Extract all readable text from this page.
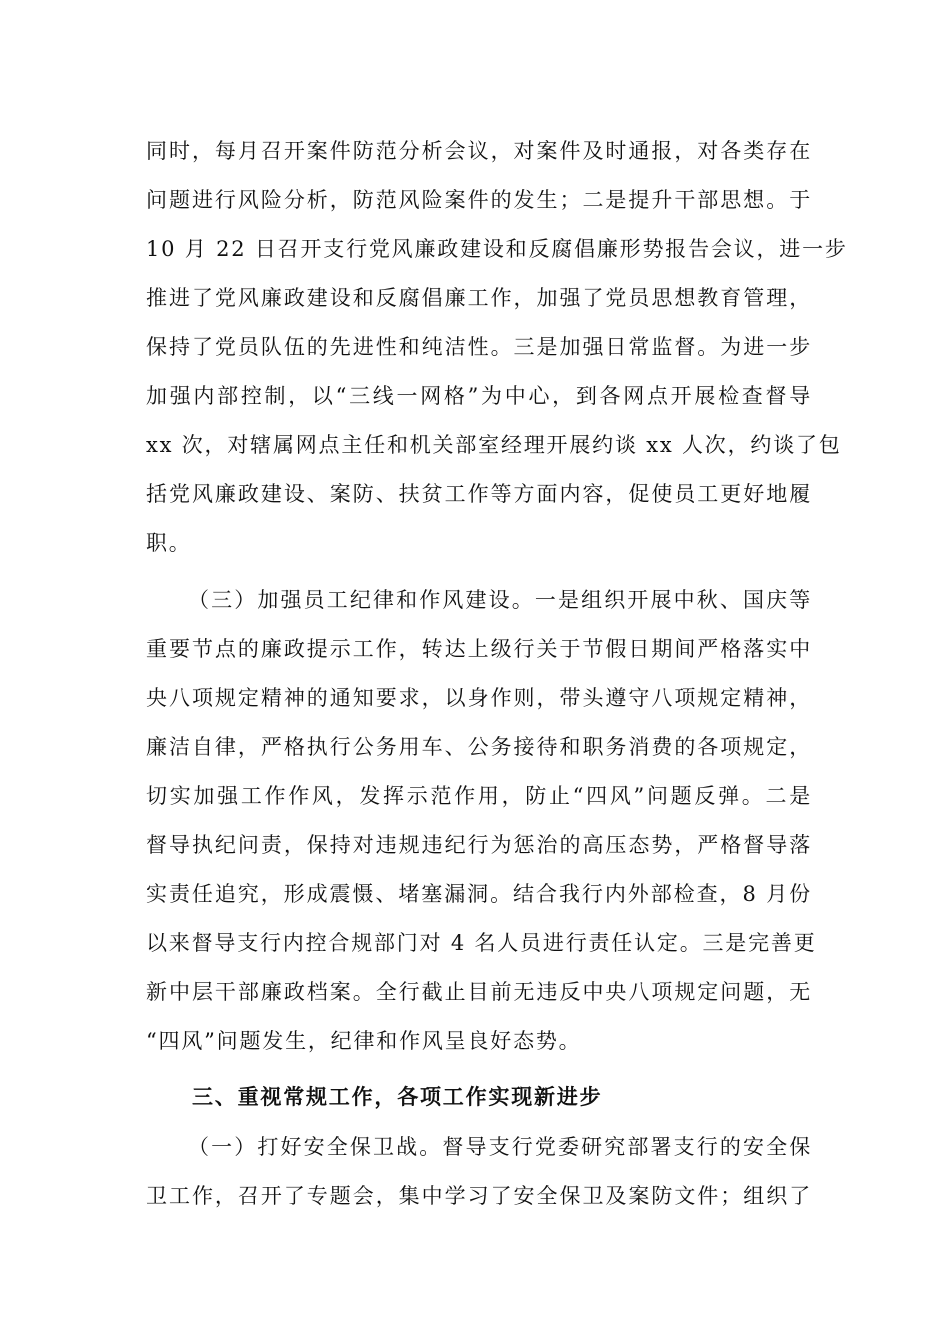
同时，每月召开案件防范分析会议，对案件及时通报，对各类存在
问题进行风险分析，防范风险案件的发生；二是提升干部思想。于
10 月 22 日召开支行党风廉政建设和反腐倡廉形势报告会议，进一步
推进了党风廉政建设和反腐倡廉工作，加强了党员思想教育管理，
保持了党员队伍的先进性和纯洁性。三是加强日常监督。为进一步
加强内部控制，以“三线一网格”为中心，到各网点开展检查督导
xx 次，对辖属网点主任和机关部室经理开展约谈 xx 人次，约谈了包
括党风廉政建设、案防、扶贫工作等方面内容，促使员工更好地履
职。
（三）加强员工纪律和作风建设。一是组织开展中秋、国庆等
重要节点的廉政提示工作，转达上级行关于节假日期间严格落实中
央八项规定精神的通知要求，以身作则，带头遵守八项规定精神，
廉洁自律，严格执行公务用车、公务接待和职务消费的各项规定，
切实加强工作作风，发挥示范作用，防止“四风”问题反弹。二是
督导执纪问责，保持对违规违纪行为惩治的高压态势，严格督导落
实责任追究，形成震慑、堵塞漏洞。结合我行内外部检查，8 月份
以来督导支行内控合规部门对 4 名人员进行责任认定。三是完善更
新中层干部廉政档案。全行截止目前无违反中央八项规定问题，无
“四风”问题发生，纪律和作风呈良好态势。
三、重视常规工作，各项工作实现新进步
（一）打好安全保卫战。督导支行党委研究部署支行的安全保
卫工作，召开了专题会，集中学习了安全保卫及案防文件；组织了
